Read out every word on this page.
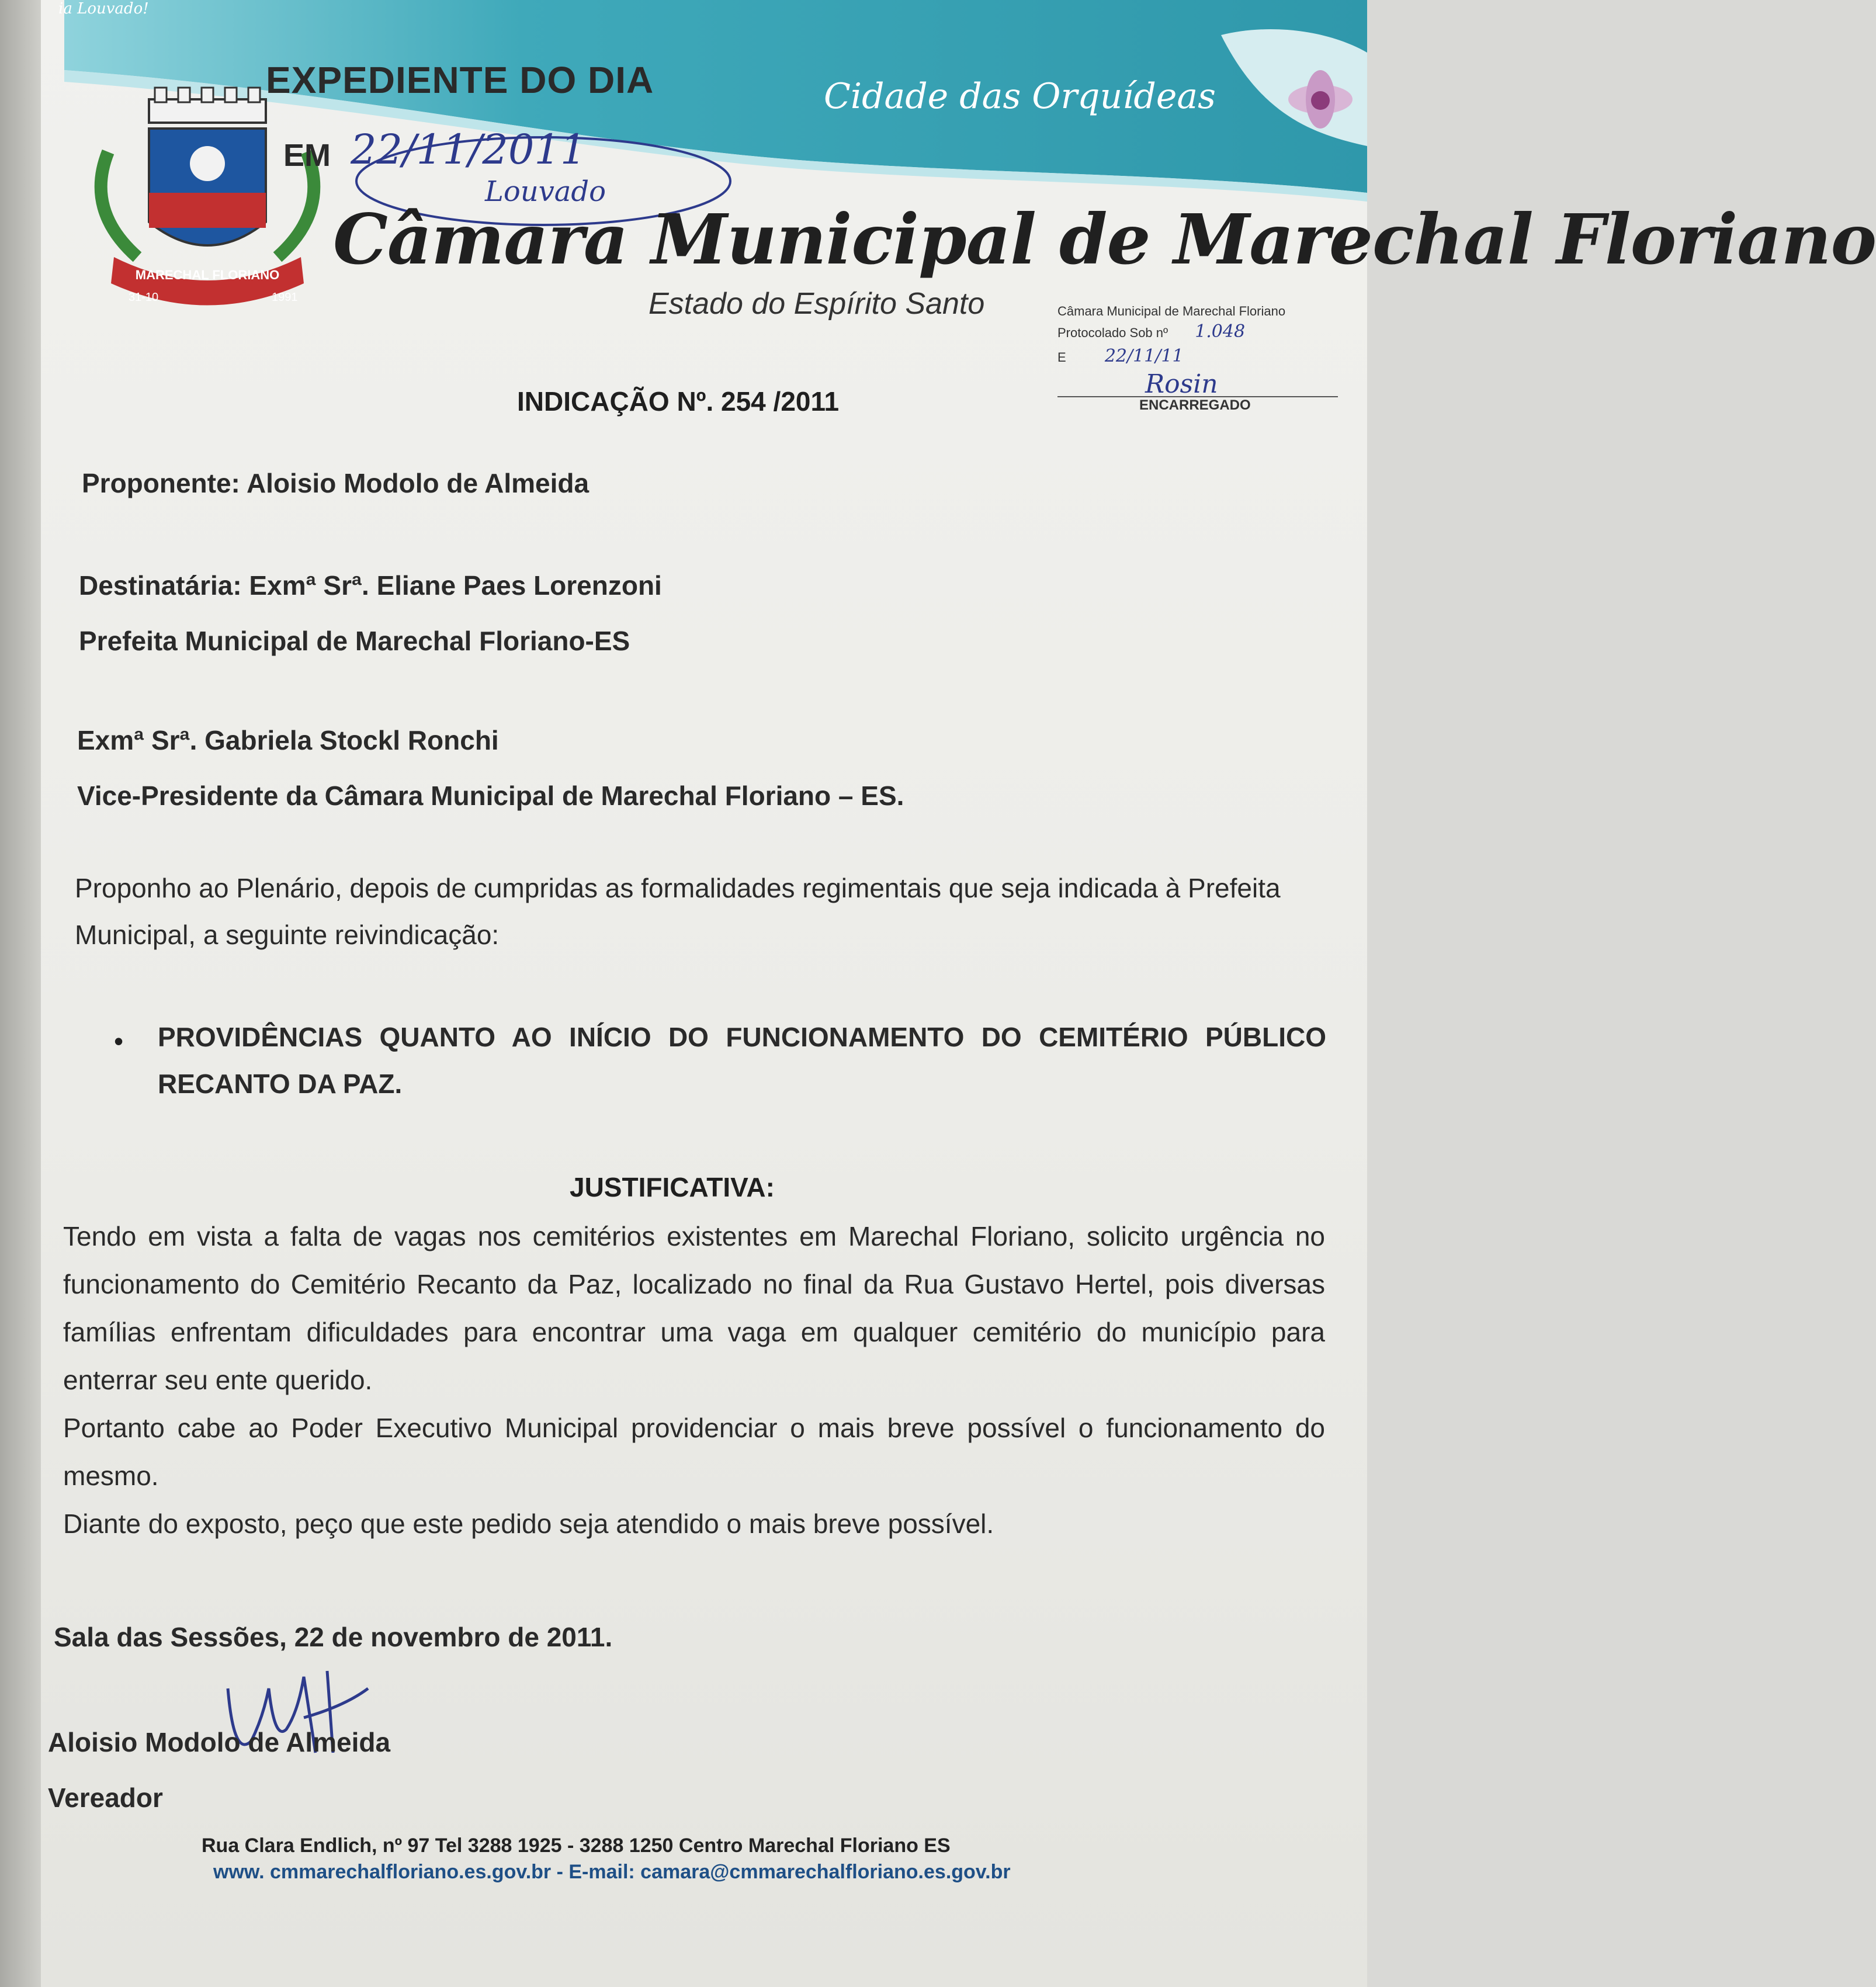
ia Louvado!
MARECHAL FLORIANO
31-10	1991
EXPEDIENTE DO DIA
EM 22/11/2011
Louvado
Cidade das Orquídeas
Câmara Municipal de Marechal Floriano
Estado do Espírito Santo	Câmara Municipal de Marechal Floriano
Protocolado Sob nº 1.048
E 22/11/11
Rosin
ENCARREGADO
INDICAÇÃO Nº. 254 /2011
Proponente: Aloisio Modolo de Almeida
Destinatária: Exmª Srª. Eliane Paes Lorenzoni
Prefeita Municipal de Marechal Floriano-ES
Exmª Srª. Gabriela Stockl Ronchi
Vice-Presidente da Câmara Municipal de Marechal Floriano – ES.
Proponho ao Plenário, depois de cumpridas as formalidades regimentais que seja indicada à Prefeita Municipal, a seguinte reivindicação:
• PROVIDÊNCIAS QUANTO AO INÍCIO DO FUNCIONAMENTO DO CEMITÉRIO PÚBLICO RECANTO DA PAZ.
JUSTIFICATIVA:

Tendo em vista a falta de vagas nos cemitérios existentes em Marechal Floriano, solicito urgência no funcionamento do Cemitério Recanto da Paz, localizado no final da Rua Gustavo Hertel, pois diversas famílias enfrentam dificuldades para encontrar uma vaga em qualquer cemitério do município para enterrar seu ente querido.

Portanto cabe ao Poder Executivo Municipal providenciar o mais breve possível o funcionamento do mesmo.

Diante do exposto, peço que este pedido seja atendido o mais breve possível.

Sala das Sessões, 22 de novembro de 2011.
Aloisio Modolo de Almeida
Vereador
Rua Clara Endlich, nº 97 Tel 3288 1925 - 3288 1250 Centro Marechal Floriano ES
www. cmmarechalfloriano.es.gov.br - E-mail: camara@cmmarechalfloriano.es.gov.br
